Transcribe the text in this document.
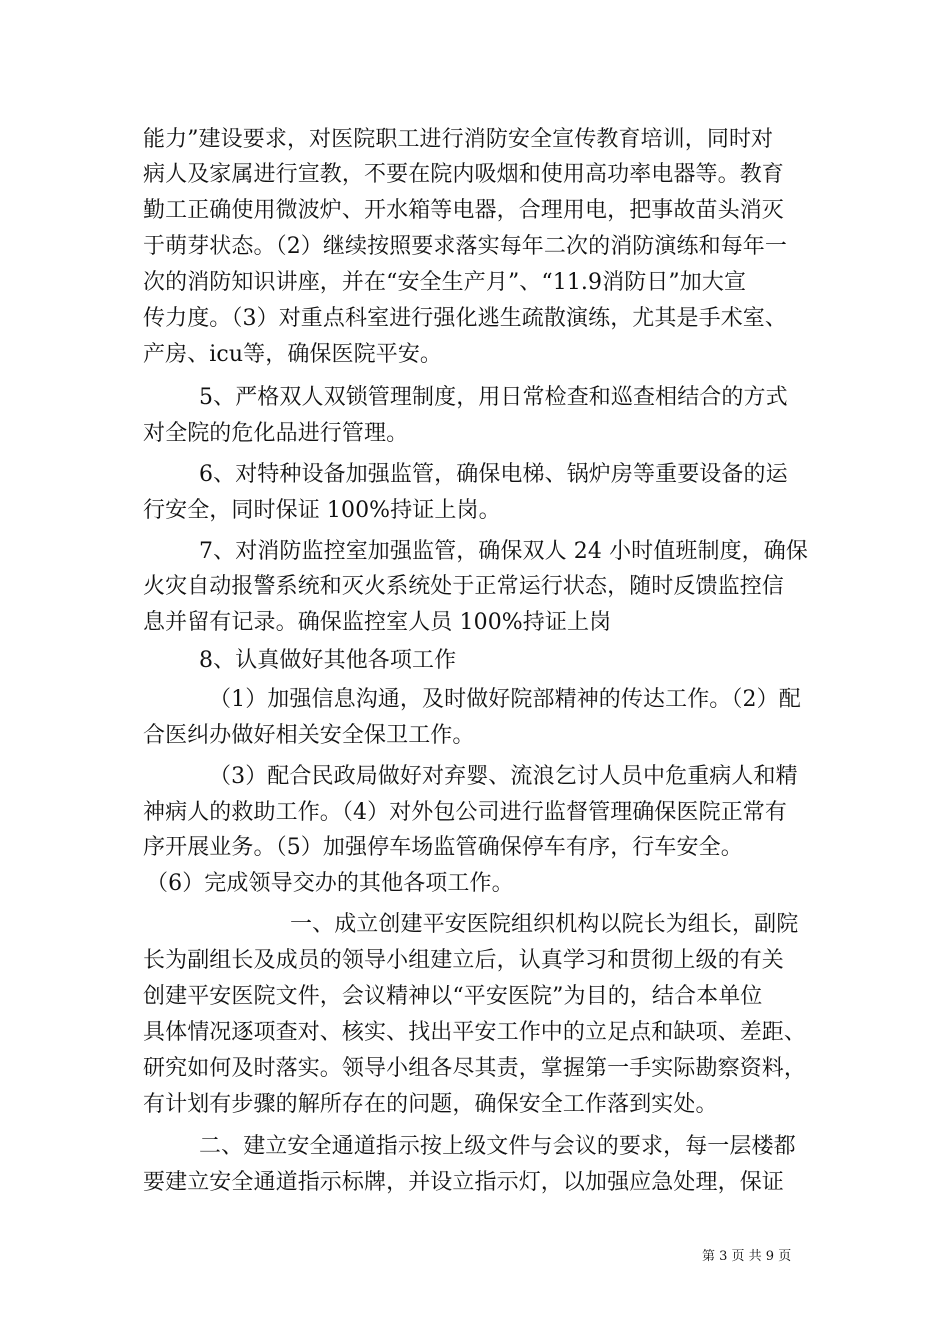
能力”建设要求，对医院职工进行消防安全宣传教育培训，同时对
病人及家属进行宣教，不要在院内吸烟和使用高功率电器等。教育
勤工正确使用微波炉、开水箱等电器，合理用电，把事故苗头消灭
于萌芽状态。（2）继续按照要求落实每年二次的消防演练和每年一
次的消防知识讲座，并在“安全生产月”、“11.9消防日”加大宣
传力度。（3）对重点科室进行强化逃生疏散演练，尤其是手术室、
产房、icu等，确保医院平安。
5、严格双人双锁管理制度，用日常检查和巡查相结合的方式
对全院的危化品进行管理。
6、对特种设备加强监管，确保电梯、锅炉房等重要设备的运
行安全，同时保证 100%持证上岗。
7、对消防监控室加强监管，确保双人 24 小时值班制度，确保
火灾自动报警系统和灭火系统处于正常运行状态，随时反馈监控信
息并留有记录。确保监控室人员 100%持证上岗
8、认真做好其他各项工作
（1）加强信息沟通，及时做好院部精神的传达工作。（2）配
合医纠办做好相关安全保卫工作。
（3）配合民政局做好对弃婴、流浪乞讨人员中危重病人和精
神病人的救助工作。（4）对外包公司进行监督管理确保医院正常有
序开展业务。（5）加强停车场监管确保停车有序，行车安全。
（6）完成领导交办的其他各项工作。
一、成立创建平安医院组织机构以院长为组长，副院
长为副组长及成员的领导小组建立后，认真学习和贯彻上级的有关
创建平安医院文件，会议精神以“平安医院”为目的，结合本单位
具体情况逐项查对、核实、找出平安工作中的立足点和缺项、差距、
研究如何及时落实。领导小组各尽其责，掌握第一手实际勘察资料，
有计划有步骤的解所存在的问题，确保安全工作落到实处。
二、建立安全通道指示按上级文件与会议的要求，每一层楼都
要建立安全通道指示标牌，并设立指示灯，以加强应急处理，保证
第 3 页 共 9 页
